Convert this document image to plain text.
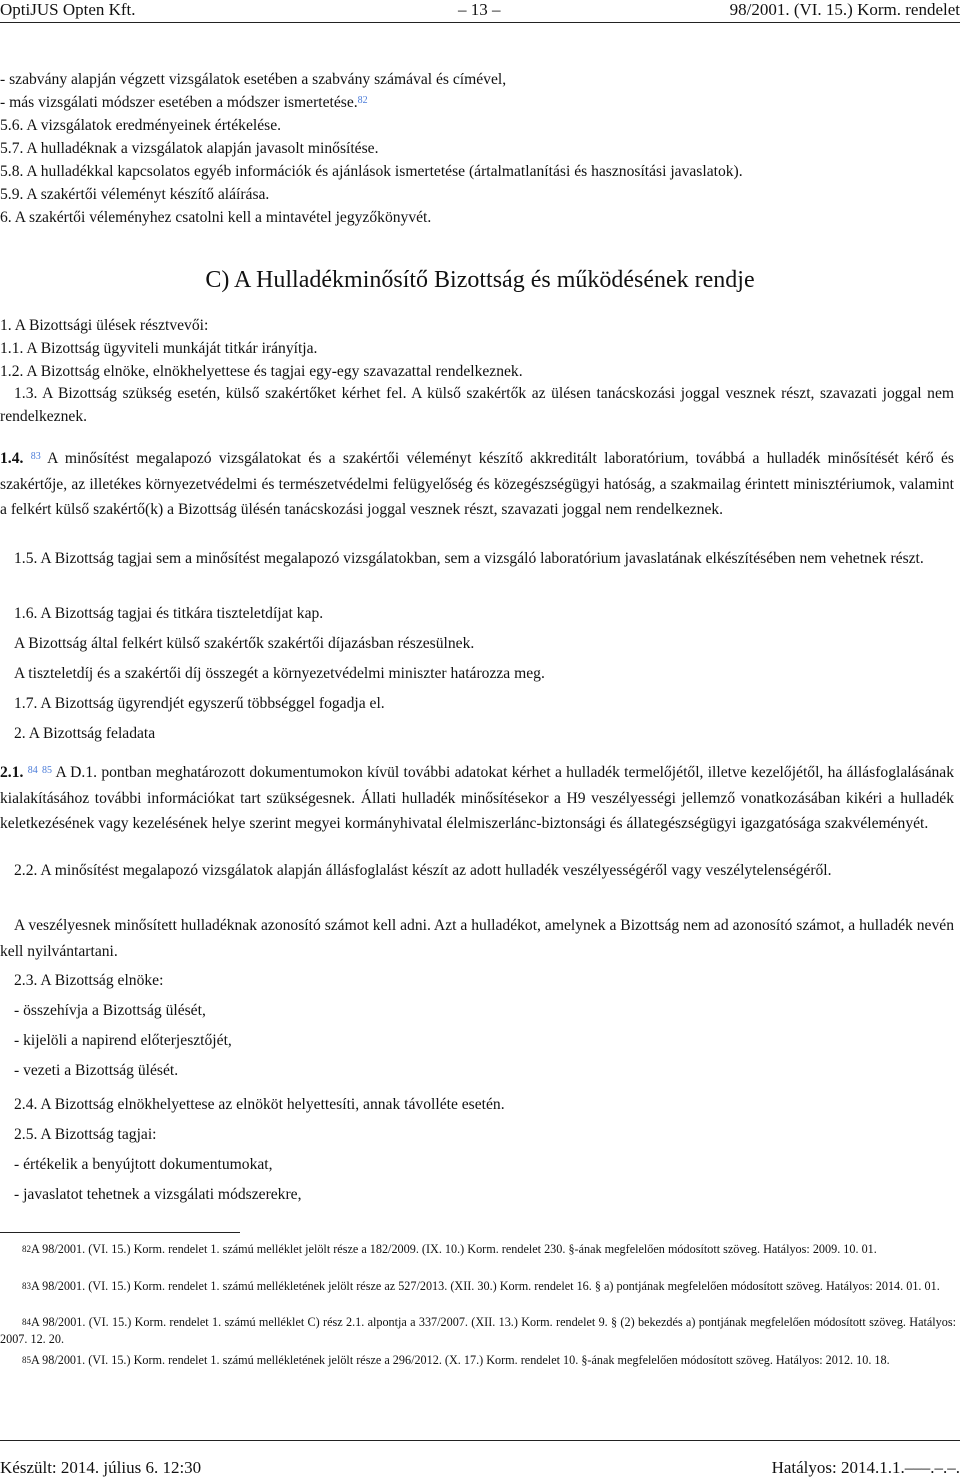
OptiJUS Opten Kft.	– 13 –	98/2001. (VI. 15.) Korm. rendelet
- szabvány alapján végzett vizsgálatok esetében a szabvány számával és címével,
- más vizsgálati módszer esetében a módszer ismertetése.$^{82}$
5.6. A vizsgálatok eredményeinek értékelése.
5.7. A hulladéknak a vizsgálatok alapján javasolt minősítése.
5.8. A hulladékkal kapcsolatos egyéb információk és ajánlások ismertetése (ártalmatlanítási és hasznosítási javaslatok).
5.9. A szakértői véleményt készítő aláírása.
6. A szakértői véleményhez csatolni kell a mintavétel jegyzőkönyvét.
C) A Hulladékminősítő Bizottság és működésének rendje
1. A Bizottsági ülések résztvevői:
1.1. A Bizottság ügyviteli munkáját titkár irányítja.
1.2. A Bizottság elnöke, elnökhelyettese és tagjai egy-egy szavazattal rendelkeznek.
1.3. A Bizottság szükség esetén, külső szakértőket kérhet fel. A külső szakértők az ülésen tanácskozási joggal vesznek részt, szavazati joggal nem rendelkeznek.
1.4. $^{83}$ A minősítést megalapozó vizsgálatokat és a szakértői véleményt készítő akkreditált laboratórium, továbbá a hulladék minősítését kérő és szakértője, az illetékes környezetvédelmi és természetvédelmi felügyelőség és közegészségügyi hatóság, a szakmailag érintett minisztériumok, valamint a felkért külső szakértő(k) a Bizottság ülésén tanácskozási joggal vesznek részt, szavazati joggal nem rendelkeznek.
1.5. A Bizottság tagjai sem a minősítést megalapozó vizsgálatokban, sem a vizsgáló laboratórium javaslatának elkészítésében nem vehetnek részt.
1.6. A Bizottság tagjai és titkára tiszteletdíjat kap.
A Bizottság által felkért külső szakértők szakértői díjazásban részesülnek.
A tiszteletdíj és a szakértői díj összegét a környezetvédelmi miniszter határozza meg.
1.7. A Bizottság ügyrendjét egyszerű többséggel fogadja el.
2. A Bizottság feladata
2.1. $^{84}$ $^{85}$ A D.1. pontban meghatározott dokumentumokon kívül további adatokat kérhet a hulladék termelőjétől, illetve kezelőjétől, ha állásfoglalásának kialakításához további információkat tart szükségesnek. Állati hulladék minősítésekor a H9 veszélyességi jellemző vonatkozásában kikéri a hulladék keletkezésének vagy kezelésének helye szerint megyei kormányhivatal élelmiszerlánc-biztonsági és állategészségügyi igazgatósága szakvéleményét.
2.2. A minősítést megalapozó vizsgálatok alapján állásfoglalást készít az adott hulladék veszélyességéről vagy veszélytelenségéről.
A veszélyesnek minősített hulladéknak azonosító számot kell adni. Azt a hulladékot, amelynek a Bizottság nem ad azonosító számot, a hulladék nevén kell nyilvántartani.
2.3. A Bizottság elnöke:
- összehívja a Bizottság ülését,
- kijelöli a napirend előterjesztőjét,
- vezeti a Bizottság ülését.
2.4. A Bizottság elnökhelyettese az elnököt helyettesíti, annak távolléte esetén.
2.5. A Bizottság tagjai:
- értékelik a benyújtott dokumentumokat,
- javaslatot tehetnek a vizsgálati módszerekre,
$^{82}$A 98/2001. (VI. 15.) Korm. rendelet 1. számú melléklet jelölt része a 182/2009. (IX. 10.) Korm. rendelet 230. §-ának megfelelően módosított szöveg. Hatályos: 2009. 10. 01.
$^{83}$A 98/2001. (VI. 15.) Korm. rendelet 1. számú mellékletének jelölt része az 527/2013. (XII. 30.) Korm. rendelet 16. § a) pontjának megfelelően módosított szöveg. Hatályos: 2014. 01. 01.
$^{84}$A 98/2001. (VI. 15.) Korm. rendelet 1. számú melléklet C) rész 2.1. alpontja a 337/2007. (XII. 13.) Korm. rendelet 9. § (2) bekezdés a) pontjának megfelelően módosított szöveg. Hatályos: 2007. 12. 20.
$^{85}$A 98/2001. (VI. 15.) Korm. rendelet 1. számú mellékletének jelölt része a 296/2012. (X. 17.) Korm. rendelet 10. §-ának megfelelően módosított szöveg. Hatályos: 2012. 10. 18.
Készült: 2014. július 6. 12:30	Hatályos: 2014.1.1.–––.–.–.
